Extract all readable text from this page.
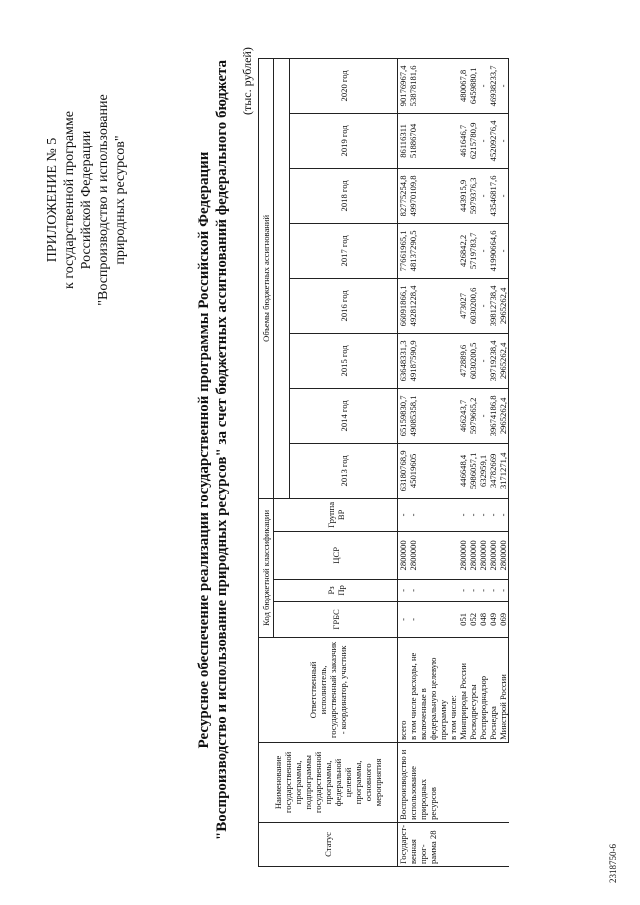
ПРИЛОЖЕНИЕ № 5 к государственной программе Российской Федерации "Воспроизводство и использование природных ресурсов"	Ресурсное обеспечение реализации государственной программы Российской Федерации "Воспроизводство и использование природных ресурсов" за счет бюджетных ассигнований федерального бюджета (тыс. рублей)
2318750-6
Статус	Наименование государственной программы, подпрограммы государственной программы, федеральной целевой программы, основного мероприятия	Ответственный исполнитель, государственный заказчик - координатор, участник	Код бюджетной классификации				Объемы бюджетных ассигнований							
			ГРБС	Рз Пр	ЦСР	Группа ВР								
							2013 год	2014 год	2015 год	2016 год	2017 год	2018 год	2019 год	2020 год
Государст-венная прог-рамма 28	Воспроизводство и использование природных ресурсов	всего	-	-	2800000	-	63180768,9	65159830,7	63648331,3	66091866,1	77661965,1	82775254,8	86116311	90176967,4
		в том числе расходы, не включенные в федеральную целевую программу	-	-	2800000	-	45019605	49085358,1	49187590,9	49281228,4	48137290,5	49970109,8	51886704	53878181,6
		в том числе:												
		Минприроды России	051	-	2800000	-	446648,4	466243,7	472889,6	473027	426842,2	443915,9	461646,7	480067,8
		Росводресурсы	052	-	2800000	-	5986057,1	5979665,2	6030200,5	6030200,6	5719783,7	5979376,3	6215780,9	6459880,1
		Росприроднадзор	048	-	2800000	-	632959,1	-	-	-	-	-	-	-
		Роснедра	049	-	2800000	-	34782669	39674186,8	39719238,4	39812738,4	41990664,6	43546817,6	45209276,4	46938233,7
		Минстрой России	069	-	2800000	-	3171271,4	2965262,4	2965262,4	2965262,4	-	-	-	-
